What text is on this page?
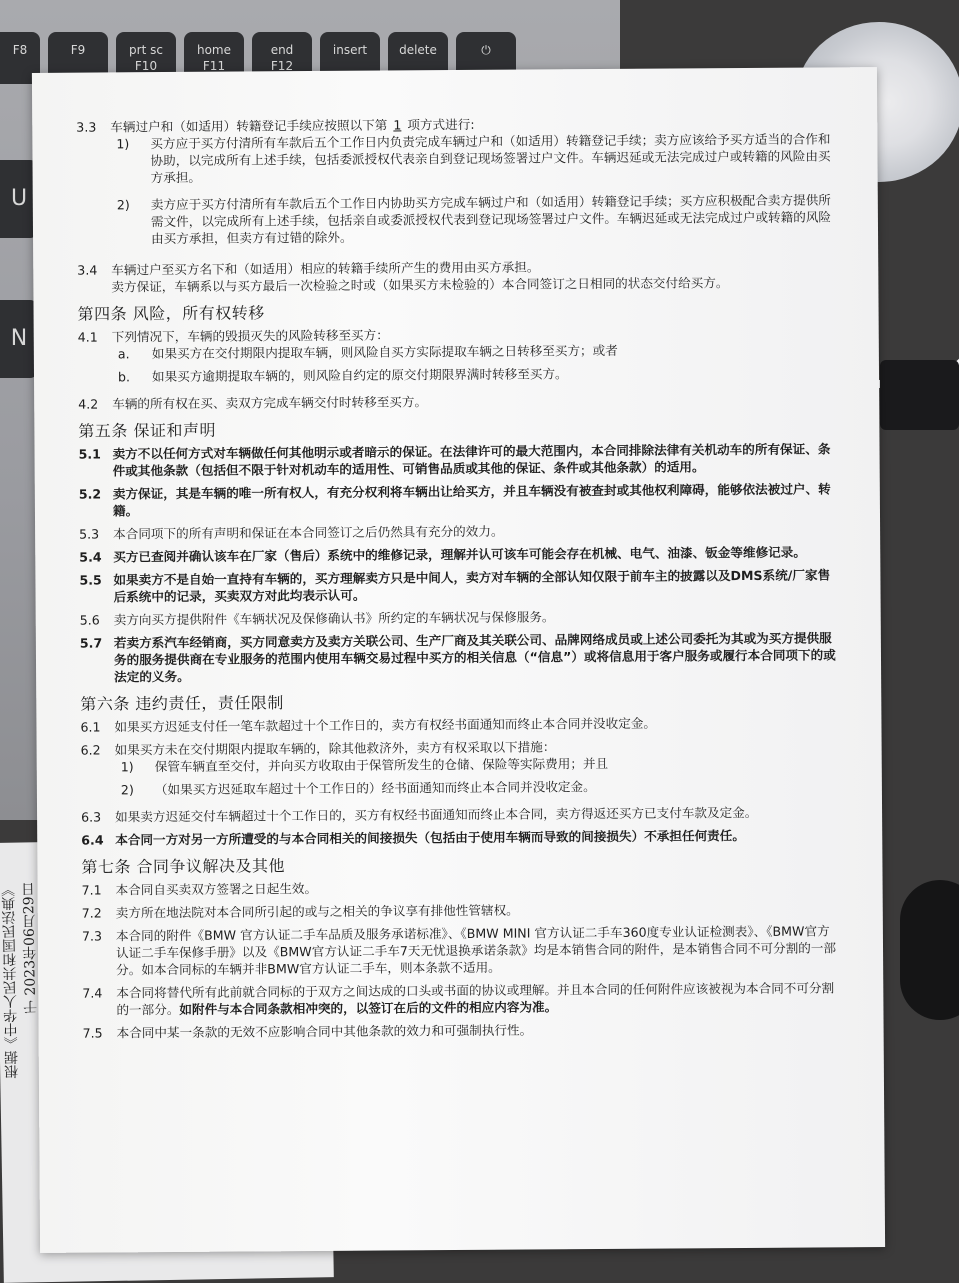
F8	F9	prt sc
F10
home
F11
end
F12
insert	delete	⏻
U
N
根据《中华人民共和国民法典》 于 2023年06月29日
3.3	车辆过户和（如适用）转籍登记手续应按照以下第 1 项方式进行:
1)	买方应于买方付清所有车款后五个工作日内负责完成车辆过户和（如适用）转籍登记手续；卖方应该给予买方适当的合作和协助，以完成所有上述手续，包括委派授权代表亲自到登记现场签署过户文件。车辆迟延或无法完成过户或转籍的风险由买方承担。
2)	卖方应于买方付清所有车款后五个工作日内协助买方完成车辆过户和（如适用）转籍登记手续；买方应积极配合卖方提供所需文件，以完成所有上述手续，包括亲自或委派授权代表到登记现场签署过户文件。车辆迟延或无法完成过户或转籍的风险由买方承担，但卖方有过错的除外。
3.4	车辆过户至买方名下和（如适用）相应的转籍手续所产生的费用由买方承担。
卖方保证，车辆系以与买方最后一次检验之时或（如果买方未检验的）本合同签订之日相同的状态交付给买方。
第四条 风险，所有权转移
4.1	下列情况下，车辆的毁损灭失的风险转移至买方：
a.	如果买方在交付期限内提取车辆，则风险自买方实际提取车辆之日转移至买方；或者
b.	如果买方逾期提取车辆的，则风险自约定的原交付期限界满时转移至买方。
4.2	车辆的所有权在买、卖双方完成车辆交付时转移至买方。
第五条 保证和声明
5.1 卖方不以任何方式对车辆做任何其他明示或者暗示的保证。在法律许可的最大范围内，本合同排除法律有关机动车的所有保证、条件或其他条款（包括但不限于针对机动车的适用性、可销售品质或其他的保证、条件或其他条款）的适用。
5.2 卖方保证，其是车辆的唯一所有权人，有充分权利将车辆出让给买方，并且车辆没有被查封或其他权利障碍，能够依法被过户、转籍。
5.3	本合同项下的所有声明和保证在本合同签订之后仍然具有充分的效力。
5.4 买方已查阅并确认该车在厂家（售后）系统中的维修记录，理解并认可该车可能会存在机械、电气、油漆、钣金等维修记录。
5.5 如果卖方不是自始一直持有车辆的，买方理解卖方只是中间人，卖方对车辆的全部认知仅限于前车主的披露以及DMS系统/厂家售后系统中的记录，买卖双方对此均表示认可。
5.6	卖方向买方提供附件《车辆状况及保修确认书》所约定的车辆状况与保修服务。
5.7 若卖方系汽车经销商，买方同意卖方及卖方关联公司、生产厂商及其关联公司、品牌网络成员或上述公司委托为其或为买方提供服务的服务提供商在专业服务的范围内使用车辆交易过程中买方的相关信息（“信息”）或将信息用于客户服务或履行本合同项下的或法定的义务。
第六条 违约责任，责任限制
6.1	如果买方迟延支付任一笔车款超过十个工作日的，卖方有权经书面通知而终止本合同并没收定金。
6.2	如果买方未在交付期限内提取车辆的，除其他救济外，卖方有权采取以下措施：
1)	保管车辆直至交付，并向买方收取由于保管所发生的仓储、保险等实际费用；并且
2)	（如果买方迟延取车超过十个工作日的）经书面通知而终止本合同并没收定金。
6.3	如果卖方迟延交付车辆超过十个工作日的，买方有权经书面通知而终止本合同，卖方得返还买方已支付车款及定金。
6.4 本合同一方对另一方所遭受的与本合同相关的间接损失（包括由于使用车辆而导致的间接损失）不承担任何责任。
第七条 合同争议解决及其他
7.1	本合同自买卖双方签署之日起生效。
7.2	卖方所在地法院对本合同所引起的或与之相关的争议享有排他性管辖权。
7.3	本合同的附件《BMW 官方认证二手车品质及服务承诺标准》、《BMW MINI 官方认证二手车360度专业认证检测表》、《BMW官方认证二手车保修手册》以及《BMW官方认证二手车7天无忧退换承诺条款》均是本销售合同的附件，是本销售合同不可分割的一部分。如本合同标的车辆并非BMW官方认证二手车，则本条款不适用。
7.4	本合同将替代所有此前就合同标的于双方之间达成的口头或书面的协议或理解。并且本合同的任何附件应该被视为本合同不可分割的一部分。如附件与本合同条款相冲突的，以签订在后的文件的相应内容为准。
7.5	本合同中某一条款的无效不应影响合同中其他条款的效力和可强制执行性。
